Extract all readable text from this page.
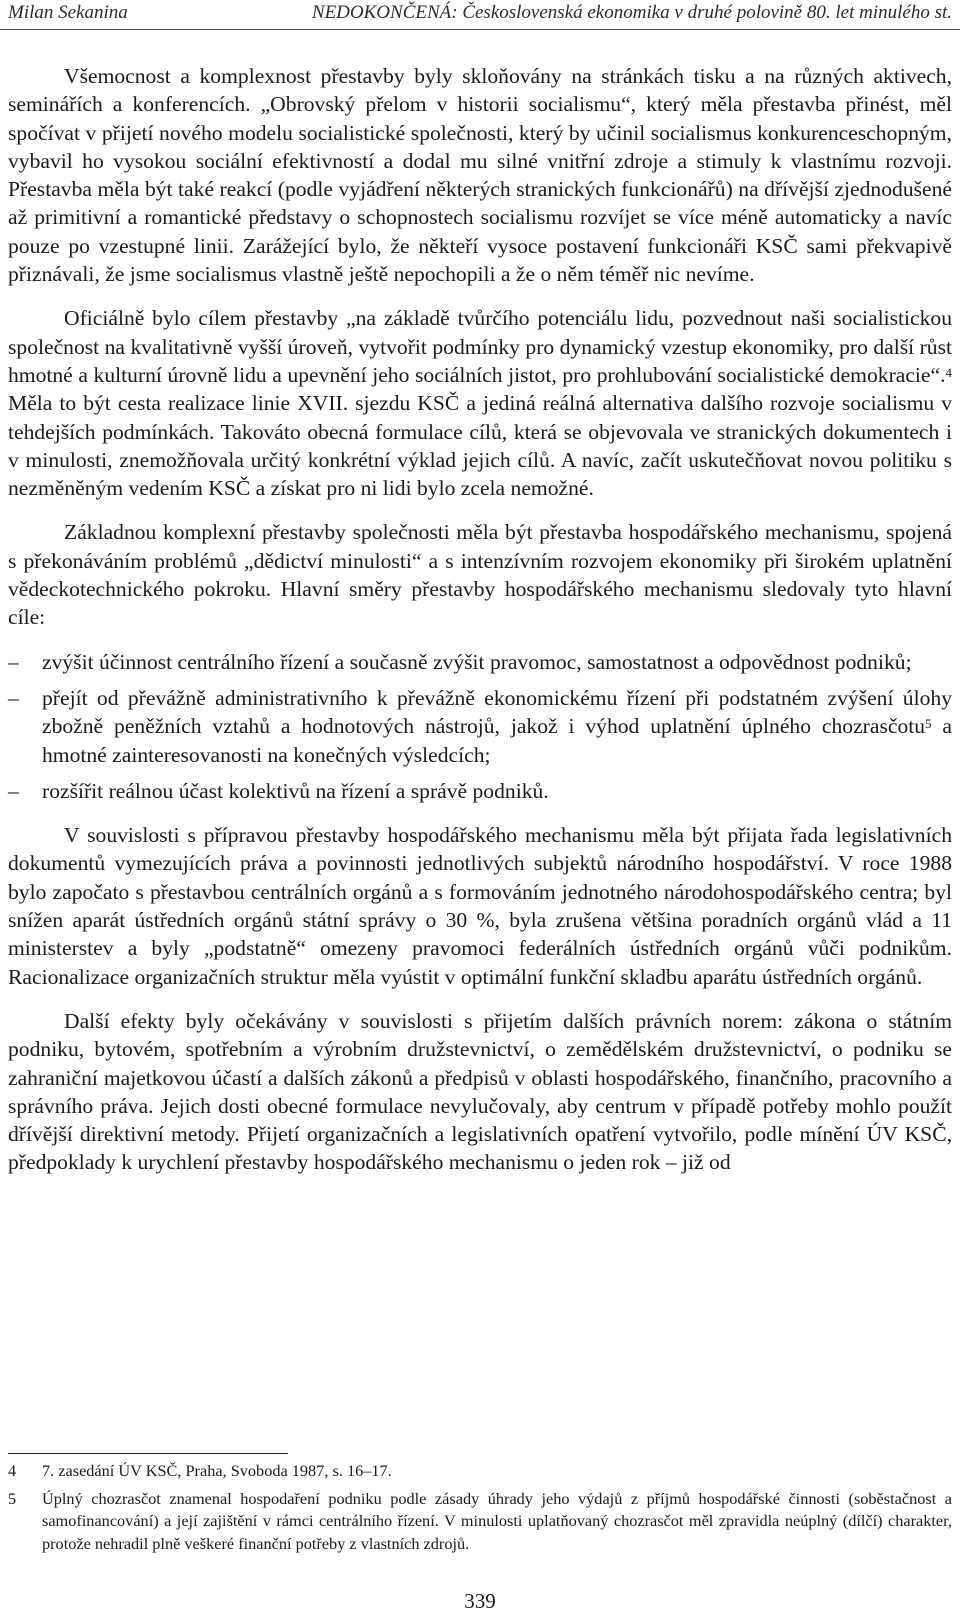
Milan Sekanina	NEDOKONČENÁ: Československá ekonomika v druhé polovině 80. let minulého st.

Všemocnost a komplexnost přestavby byly skloňovány na stránkách tisku a na různých aktivech, seminářích a konferencích. „Obrovský přelom v historii socialismu“, který měla přestavba přinést, měl spočívat v přijetí nového modelu socialistické společnosti, který by učinil socialismus konkurenceschopným, vybavil ho vysokou sociální efektivností a dodal mu silné vnitřní zdroje a stimuly k vlastnímu rozvoji. Přestavba měla být také reakcí (podle vyjádření některých stranických funkcionářů) na dřívější zjednodušené až primitivní a romantické představy o schopnostech socialismu rozvíjet se více méně automaticky a navíc pouze po vzestupné linii. Zarážející bylo, že někteří vysoce postavení funkcionáři KSČ sami překvapivě přiznávali, že jsme socialismus vlastně ještě nepochopili a že o něm téměř nic nevíme.

Oficiálně bylo cílem přestavby „na základě tvůrčího potenciálu lidu, pozvednout naši socialistickou společnost na kvalitativně vyšší úroveň, vytvořit podmínky pro dynamický vzestup ekonomiky, pro další růst hmotné a kulturní úrovně lidu a upevnění jeho sociálních jistot, pro prohlubování socialistické demokracie“.$^4$ Měla to být cesta realizace linie XVII. sjezdu KSČ a jediná reálná alternativa dalšího rozvoje socialismu v tehdejších podmínkách. Takováto obecná formulace cílů, která se objevovala ve stranických dokumentech i v minulosti, znemožňovala určitý konkrétní výklad jejich cílů. A navíc, začít uskutečňovat novou politiku s nezměněným vedením KSČ a získat pro ni lidi bylo zcela nemožné.

Základnou komplexní přestavby společnosti měla být přestavba hospodářského mechanismu, spojená s překonáváním problémů „dědictví minulosti“ a s intenzívním rozvojem ekonomiky při širokém uplatnění vědeckotechnického pokroku. Hlavní směry přestavby hospodářského mechanismu sledovaly tyto hlavní cíle:

– zvýšit účinnost centrálního řízení a současně zvýšit pravomoc, samostatnost a odpovědnost podniků;
– přejít od převážně administrativního k převážně ekonomickému řízení při podstatném zvýšení úlohy zbožně peněžních vztahů a hodnotových nástrojů, jakož i výhod uplatnění úplného chozrasčotu$^5$ a hmotné zainteresovanosti na konečných výsledcích;
– rozšířit reálnou účast kolektivů na řízení a správě podniků.

V souvislosti s přípravou přestavby hospodářského mechanismu měla být přijata řada legislativních dokumentů vymezujících práva a povinnosti jednotlivých subjektů národního hospodářství. V roce 1988 bylo započato s přestavbou centrálních orgánů a s formováním jednotného národohospodářského centra; byl snížen aparát ústředních orgánů státní správy o 30 %, byla zrušena většina poradních orgánů vlád a 11 ministerstev a byly „podstatně“ omezeny pravomoci federálních ústředních orgánů vůči podnikům. Racionalizace organizačních struktur měla vyústit v optimální funkční skladbu aparátu ústředních orgánů.

Další efekty byly očekávány v souvislosti s přijetím dalších právních norem: zákona o státním podniku, bytovém, spotřebním a výrobním družstevnictví, o zemědělském družstevnictví, o podniku se zahraniční majetkovou účastí a dalších zákonů a předpisů v oblasti hospodářského, finančního, pracovního a správního práva. Jejich dosti obecné formulace nevylučovaly, aby centrum v případě potřeby mohlo použít dřívější direktivní metody. Přijetí organizačních a legislativních opatření vytvořilo, podle mínění ÚV KSČ, předpoklady k urychlení přestavby hospodářského mechanismu o jeden rok – již od

4 7. zasedání ÚV KSČ, Praha, Svoboda 1987, s. 16–17.
5 Úplný chozrasčot znamenal hospodaření podniku podle zásady úhrady jeho výdajů z příjmů hospodářské činnosti (soběstačnost a samofinancování) a její zajištění v rámci centrálního řízení. V minulosti uplatňovaný chozrasčot měl zpravidla neúplný (dílčí) charakter, protože nehradil plně veškeré finanční potřeby z vlastních zdrojů.
339
